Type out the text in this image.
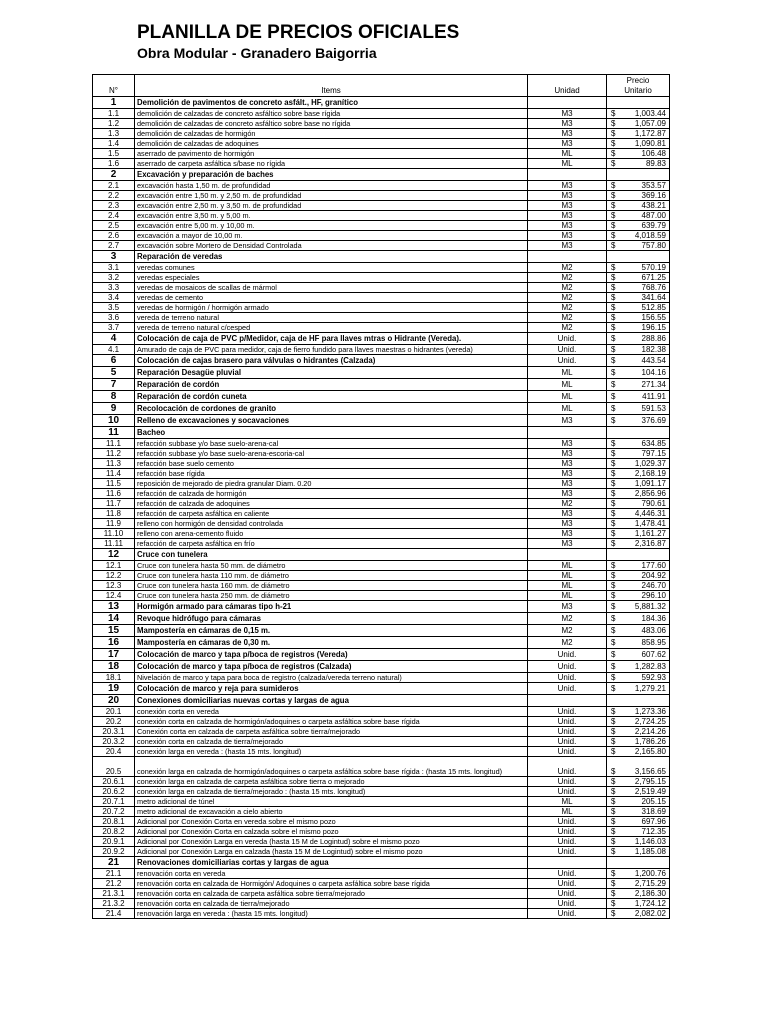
PLANILLA DE PRECIOS OFICIALES
Obra Modular - Granadero Baigorria
N°	Items	Unidad	Precio
Unitario
1	Demolición de pavimentos de concreto asfált., HF, granítico		
1.1	demolición de calzadas de concreto asfáltico sobre base rígida	M3	$ 1,003.44

1.2	demolición de calzadas de concreto asfáltico sobre base no rígida	M3	$ 1,057.09

1.3	demolición de calzadas de hormigón	M3	$ 1,172.87

1.4	demolición de calzadas de adoquines	M3	$ 1,090.81

1.5	aserrado de pavimento de hormigón	ML	$ 106.48

1.6	aserrado de carpeta asfáltica s/base no rígida	ML	$ 89.83

2	Excavación y preparación de baches		
2.1	excavación hasta 1,50 m. de profundidad	M3	$ 353.57

2.2	excavación entre 1,50 m. y 2,50 m. de profundidad	M3	$ 369.16

2.3	excavación entre 2,50 m. y 3,50 m. de profundidad	M3	$ 438.21

2.4	excavación entre 3,50 m. y 5,00 m.	M3	$ 487.00

2.5	excavación entre 5,00 m. y 10,00 m.	M3	$ 639.79

2.6	excavación a mayor de 10,00 m.	M3	$ 4,018.59

2.7	excavación sobre Mortero de Densidad Controlada	M3	$ 757.80

3	Reparación de veredas		
3.1	veredas comunes	M2	$ 570.19

3.2	veredas especiales	M2	$ 671.25

3.3	veredas de mosaicos de scallas de mármol	M2	$ 768.76

3.4	veredas de cemento	M2	$ 341.64

3.5	veredas de hormigón / hormigón armado	M2	$ 512.85

3.6	vereda de terreno natural	M2	$ 156.55

3.7	vereda de terreno natural c/cesped	M2	$ 196.15

4	Colocación de caja de PVC p/Medidor, caja de HF para llaves mtras o Hidrante (Vereda).	Unid.	$ 288.86

4.1	Amurado de caja de PVC para medidor, caja de fierro fundido para llaves maestras o hidrantes (vereda)	Unid.	$ 182.38

6	Colocación de cajas brasero para válvulas o hidrantes (Calzada)	Unid.	$ 443.54

5	Reparación Desagüe pluvial	ML	$ 104.16

7	Reparación de cordón	ML	$ 271.34

8	Reparación de cordón cuneta	ML	$ 411.91

9	Recolocación de cordones de granito	ML	$ 591.53

10	Relleno de excavaciones y socavaciones	M3	$ 376.69

11	Bacheo		
11.1	refacción subbase y/o base suelo-arena-cal	M3	$ 634.85

11.2	refacción subbase y/o base suelo-arena-escoria-cal	M3	$ 797.15

11.3	refacción base suelo cemento	M3	$ 1,029.37

11.4	refacción base rígida	M3	$ 2,168.19

11.5	reposición de mejorado de piedra granular Diam. 0.20	M3	$ 1,091.17

11.6	refacción de calzada de hormigón	M3	$ 2,856.96

11.7	refacción de calzada de adoquines	M2	$ 790.61

11.8	refacción de carpeta asfáltica en caliente	M3	$ 4,446.31

11.9	relleno con hormigón de densidad controlada	M3	$ 1,478.41

11.10	relleno con arena-cemento fluido	M3	$ 1,161.27

11.11	refacción de carpeta asfáltica en frío	M3	$ 2,316.87

12	Cruce con tunelera		
12.1	Cruce con tunelera hasta 50 mm. de diámetro	ML	$ 177.60

12.2	Cruce con tunelera hasta 110 mm. de diámetro	ML	$ 204.92

12.3	Cruce con tunelera hasta 160 mm. de diámetro	ML	$ 246.70

12.4	Cruce con tunelera hasta 250 mm. de diámetro	ML	$ 296.10

13	Hormigón armado para cámaras tipo h-21	M3	$ 5,881.32

14	Revoque hidrófugo para cámaras	M2	$ 184.36

15	Mampostería en cámaras de 0,15 m.	M2	$ 483.06

16	Mampostería en cámaras de 0,30 m.	M2	$ 858.95

17	Colocación de marco y tapa p/boca de registros (Vereda)	Unid.	$ 607.62

18	Colocación de marco y tapa p/boca de registros (Calzada)	Unid.	$ 1,282.83

18.1	Nivelación de marco y tapa para boca de registro (calzada/vereda terreno natural)	Unid.	$ 592.93

19	Colocación de marco y reja para sumideros	Unid.	$ 1,279.21

20	Conexiones domiciliarias nuevas cortas y largas de agua		
20.1	conexión corta en vereda	Unid.	$ 1,273.36

20.2	conexión corta en calzada de hormigón/adoquines o carpeta asfáltica sobre base rígida	Unid.	$ 2,724.25

20.3.1	Conexión corta en calzada de carpeta asfáltica sobre tierra/mejorado	Unid.	$ 2,214.26

20.3.2	conexión corta en calzada de tierra/mejorado	Unid.	$ 1,786.26

20.4	conexión larga en vereda : (hasta 15 mts. longitud)	Unid.	$ 2,165.80

20.5	conexión larga en calzada de hormigón/adoquines o carpeta asfáltica sobre base rígida : (hasta 15 mts. longitud)	Unid.	$ 3,156.65

20.6.1	conexión larga en calzada de carpeta asfáltica sobre tierra o mejorado	Unid.	$ 2,795.15

20.6.2	conexión larga en calzada de tierra/mejorado : (hasta 15 mts. longitud)	Unid.	$ 2,519.49

20.7.1	metro adicional de túnel	ML	$ 205.15

20.7.2	metro adicional de excavación a cielo abierto	ML	$ 318.69

20.8.1	Adicional por Conexión Corta en vereda sobre el mismo pozo	Unid.	$ 697.96

20.8.2	Adicional por Conexión Corta en calzada sobre el mismo pozo	Unid.	$ 712.35

20.9.1	Adicional por Conexión Larga en vereda (hasta 15 M de Logintud) sobre el mismo pozo	Unid.	$ 1,146.03

20.9.2	Adicional por Conexión Larga en calzada (hasta 15 M de Logintud) sobre el mismo pozo	Unid.	$ 1,185.08

21	Renovaciones domiciliarias cortas y largas de agua		
21.1	renovación corta en vereda	Unid.	$ 1,200.76

21.2	renovación corta en calzada de Hormigón/ Adoquines o carpeta asfáltica sobre base rígida	Unid.	$ 2,715.29

21.3.1	renovación corta en calzada de carpeta asfáltica sobre tierra/mejorado	Unid.	$ 2,186.30

21.3.2	renovación corta en calzada de tierra/mejorado	Unid.	$ 1,724.12

21.4	renovación larga en vereda : (hasta 15 mts. longitud)	Unid.	$ 2,082.02
